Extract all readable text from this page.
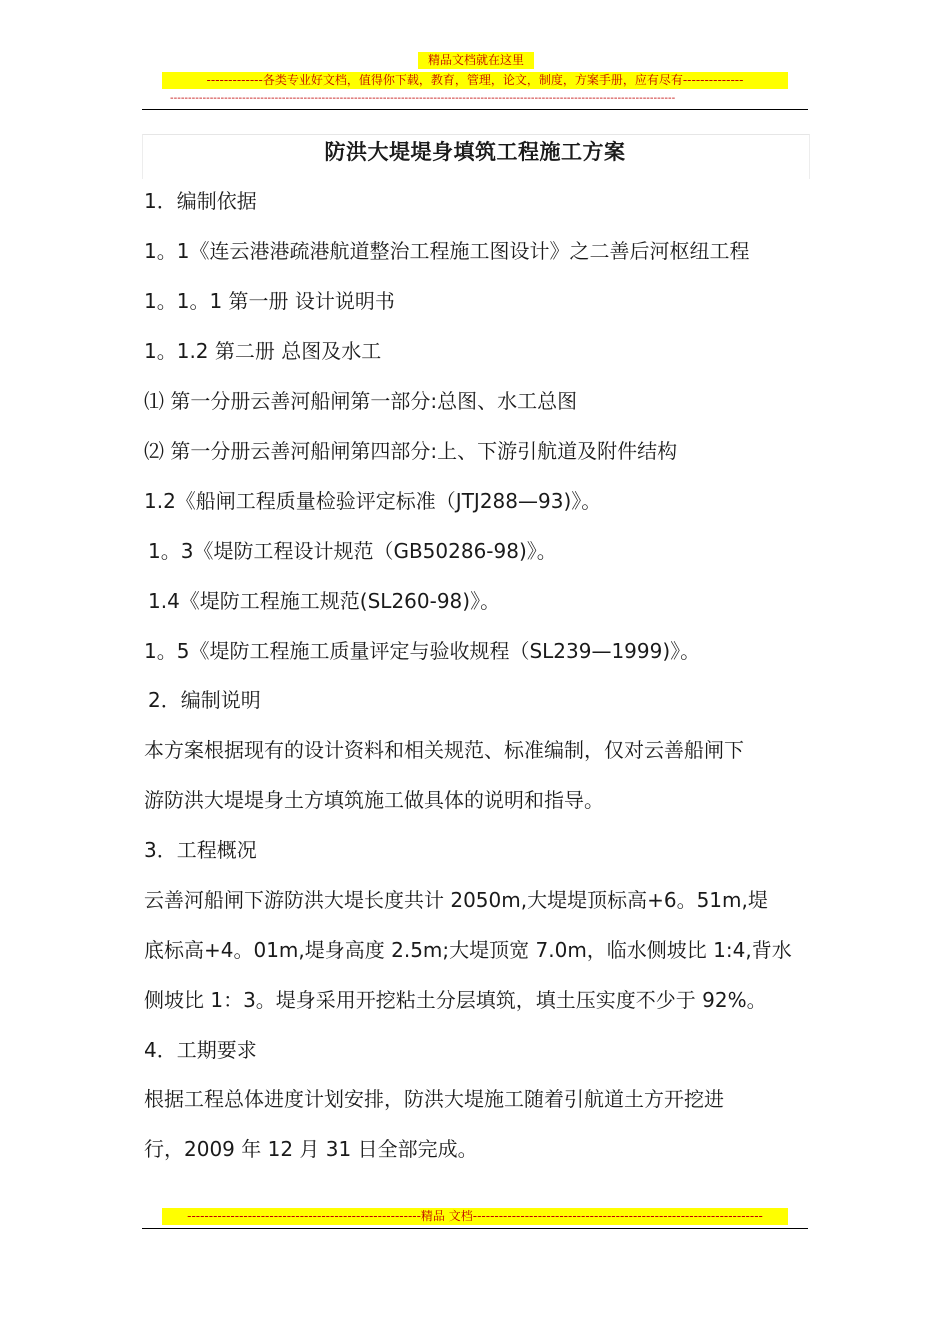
精品文档就在这里
-------------各类专业好文档，值得你下载，教育，管理，论文，制度，方案手册，应有尽有--------------
--------------------------------------------------------------------------------------------------------------------------------------------
防洪大堤堤身填筑工程施工方案
1．编制依据
1。1《连云港港疏港航道整治工程施工图设计》之二善后河枢纽工程
1。1。1 第一册 设计说明书
1。1.2 第二册 总图及水工
⑴ 第一分册云善河船闸第一部分:总图、水工总图
⑵ 第一分册云善河船闸第四部分:上、下游引航道及附件结构
1.2《船闸工程质量检验评定标准（JTJ288—93)》。
1。3《堤防工程设计规范（GB50286-98)》。
1.4《堤防工程施工规范(SL260-98)》。
1。5《堤防工程施工质量评定与验收规程（SL239—1999)》。
2．编制说明
本方案根据现有的设计资料和相关规范、标准编制，仅对云善船闸下
游防洪大堤堤身土方填筑施工做具体的说明和指导。
3．工程概况
云善河船闸下游防洪大堤长度共计 2050m,大堤堤顶标高+6。51m,堤
底标高+4。01m,堤身高度 2.5m;大堤顶宽 7.0m，临水侧坡比 1:4,背水
侧坡比 1：3。堤身采用开挖粘土分层填筑，填土压实度不少于 92%。
4．工期要求
根据工程总体进度计划安排，防洪大堤施工随着引航道土方开挖进
行，2009 年 12 月 31 日全部完成。
------------------------------------------------------精品 文档-------------------------------------------------------------------
